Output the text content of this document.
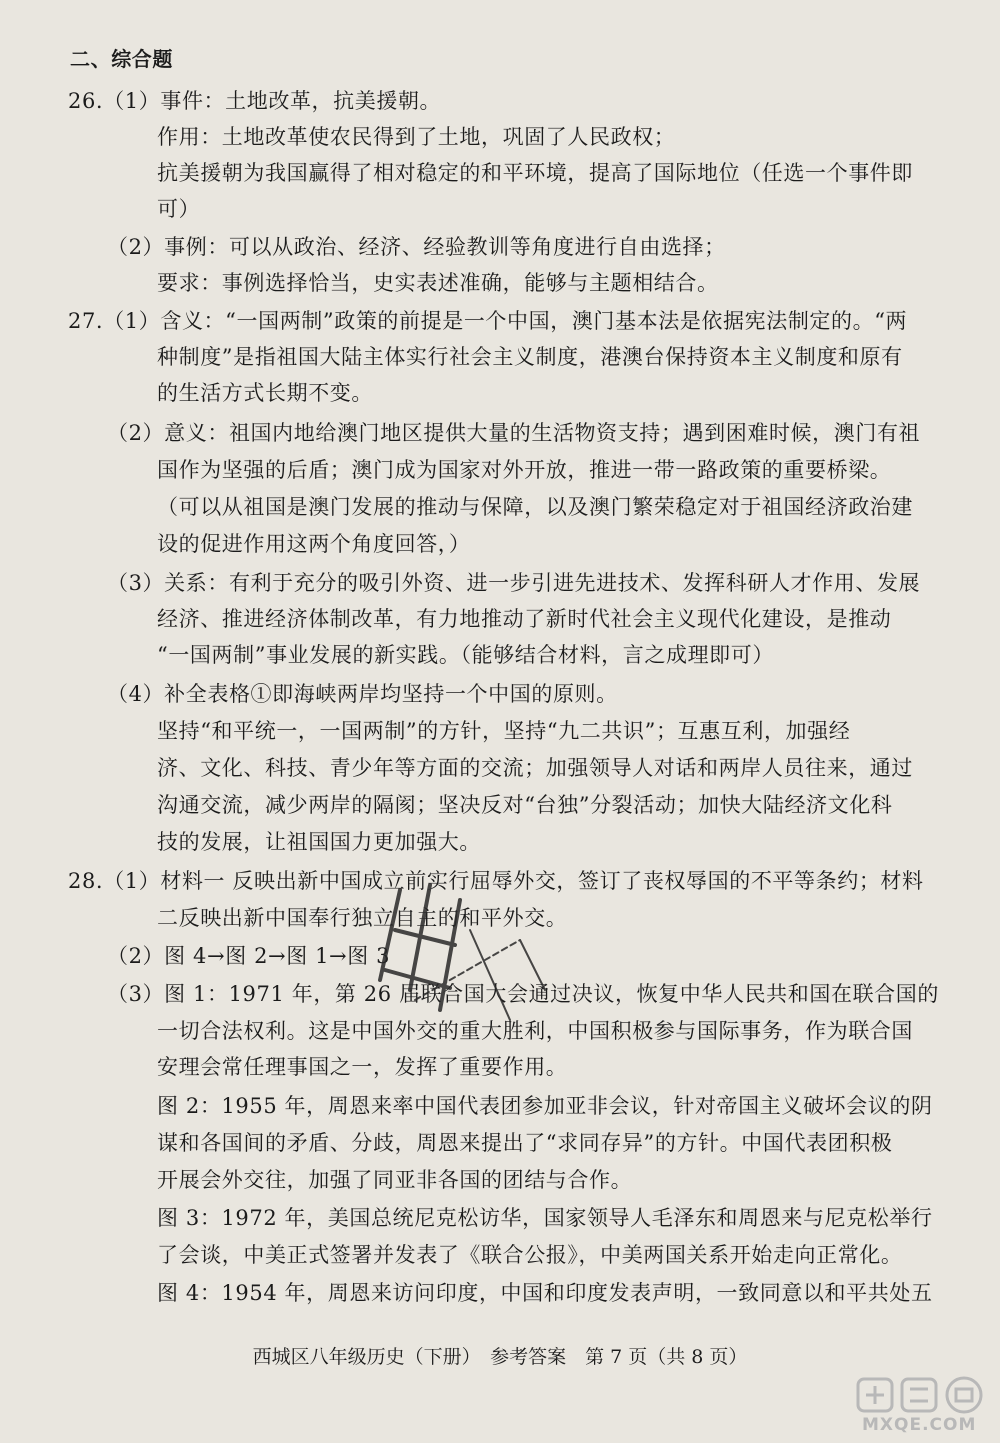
二、综合题
26.（1）事件：土地改革，抗美援朝。
作用：土地改革使农民得到了土地，巩固了人民政权；
抗美援朝为我国赢得了相对稳定的和平环境，提高了国际地位（任选一个事件即
可）
（2）事例：可以从政治、经济、经验教训等角度进行自由选择；
要求：事例选择恰当，史实表述准确，能够与主题相结合。
27.（1）含义：“一国两制”政策的前提是一个中国，澳门基本法是依据宪法制定的。“两
种制度”是指祖国大陆主体实行社会主义制度，港澳台保持资本主义制度和原有
的生活方式长期不变。
（2）意义：祖国内地给澳门地区提供大量的生活物资支持；遇到困难时候，澳门有祖
国作为坚强的后盾；澳门成为国家对外开放，推进一带一路政策的重要桥梁。
（可以从祖国是澳门发展的推动与保障，以及澳门繁荣稳定对于祖国经济政治建
设的促进作用这两个角度回答，）
（3）关系：有利于充分的吸引外资、进一步引进先进技术、发挥科研人才作用、发展
经济、推进经济体制改革，有力地推动了新时代社会主义现代化建设，是推动
“一国两制”事业发展的新实践。（能够结合材料，言之成理即可）
（4）补全表格①即海峡两岸均坚持一个中国的原则。
坚持“和平统一，一国两制”的方针，坚持“九二共识”；互惠互利，加强经
济、文化、科技、青少年等方面的交流；加强领导人对话和两岸人员往来，通过
沟通交流，减少两岸的隔阂；坚决反对“台独”分裂活动；加快大陆经济文化科
技的发展，让祖国国力更加强大。
28.（1）材料一 反映出新中国成立前实行屈辱外交，签订了丧权辱国的不平等条约；材料
二反映出新中国奉行独立自主的和平外交。
（2）图 4→图 2→图 1→图 3
（3）图 1：1971 年，第 26 届联合国大会通过决议，恢复中华人民共和国在联合国的
一切合法权利。这是中国外交的重大胜利，中国积极参与国际事务，作为联合国
安理会常任理事国之一，发挥了重要作用。
图 2：1955 年，周恩来率中国代表团参加亚非会议，针对帝国主义破坏会议的阴
谋和各国间的矛盾、分歧，周恩来提出了“求同存异”的方针。中国代表团积极
开展会外交往，加强了同亚非各国的团结与合作。
图 3：1972 年，美国总统尼克松访华，国家领导人毛泽东和周恩来与尼克松举行
了会谈，中美正式签署并发表了《联合公报》，中美两国关系开始走向正常化。
图 4：1954 年，周恩来访问印度，中国和印度发表声明，一致同意以和平共处五
西城区八年级历史（下册）　参考答案　第 7 页（共 8 页）
MXQE.COM
